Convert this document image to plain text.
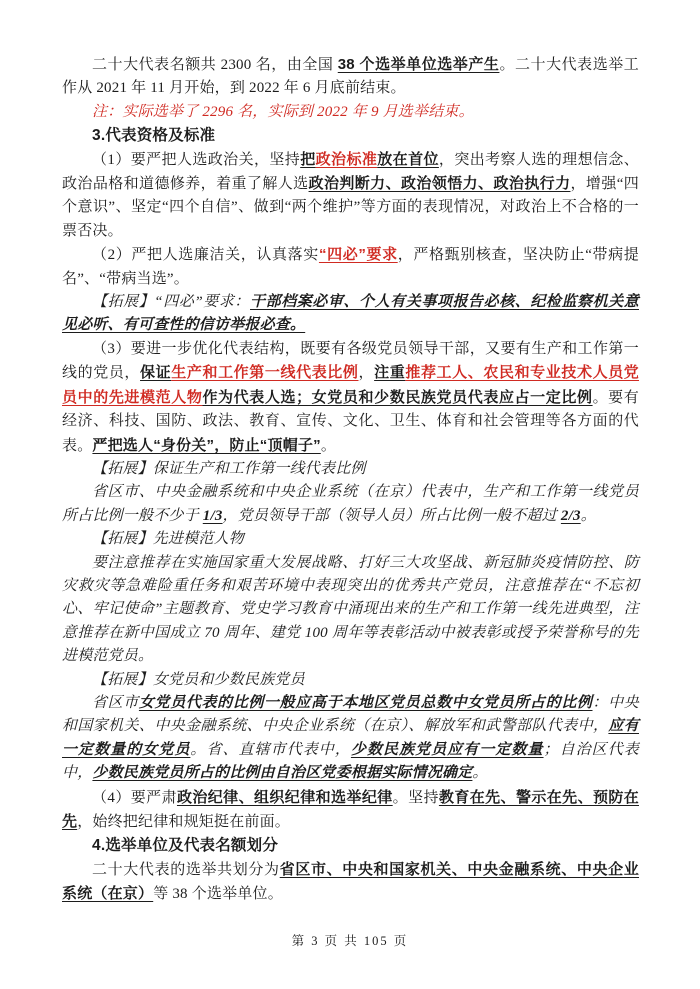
二十大代表名额共 2300 名，由全国 38 个选举单位选举产生。二十大代表选举工作从 2021 年 11 月开始，到 2022 年 6 月底前结束。

注：实际选举了 2296 名，实际到 2022 年 9 月选举结束。

3.代表资格及标准

（1）要严把人选政治关，坚持把政治标准放在首位，突出考察人选的理想信念、政治品格和道德修养，着重了解人选政治判断力、政治领悟力、政治执行力，增强“四个意识”、坚定“四个自信”、做到“两个维护”等方面的表现情况，对政治上不合格的一票否决。

（2）严把人选廉洁关，认真落实“四必”要求，严格甄别核查，坚决防止“带病提名”、“带病当选”。

【拓展】“四必”要求：干部档案必审、个人有关事项报告必核、纪检监察机关意见必听、有可查性的信访举报必查。

（3）要进一步优化代表结构，既要有各级党员领导干部，又要有生产和工作第一线的党员，保证生产和工作第一线代表比例，注重推荐工人、农民和专业技术人员党员中的先进模范人物作为代表人选；女党员和少数民族党员代表应占一定比例。要有经济、科技、国防、政法、教育、宣传、文化、卫生、体育和社会管理等各方面的代表。严把选人“身份关”，防止“顶帽子”。

【拓展】保证生产和工作第一线代表比例

省区市、中央金融系统和中央企业系统（在京）代表中，生产和工作第一线党员所占比例一般不少于 1/3，党员领导干部（领导人员）所占比例一般不超过 2/3。

【拓展】先进模范人物

要注意推荐在实施国家重大发展战略、打好三大攻坚战、新冠肺炎疫情防控、防灾救灾等急难险重任务和艰苦环境中表现突出的优秀共产党员，注意推荐在“不忘初心、牢记使命”主题教育、党史学习教育中涌现出来的生产和工作第一线先进典型，注意推荐在新中国成立 70 周年、建党 100 周年等表彰活动中被表彰或授予荣誉称号的先进模范党员。

【拓展】女党员和少数民族党员

省区市女党员代表的比例一般应高于本地区党员总数中女党员所占的比例：中央和国家机关、中央金融系统、中央企业系统（在京）、解放军和武警部队代表中，应有一定数量的女党员。省、直辖市代表中，少数民族党员应有一定数量；自治区代表中，少数民族党员所占的比例由自治区党委根据实际情况确定。

（4）要严肃政治纪律、组织纪律和选举纪律。坚持教育在先、警示在先、预防在先，始终把纪律和规矩挺在前面。

4.选举单位及代表名额划分

二十大代表的选举共划分为省区市、中央和国家机关、中央金融系统、中央企业系统（在京）等 38 个选举单位。

第 3 页 共 105 页
